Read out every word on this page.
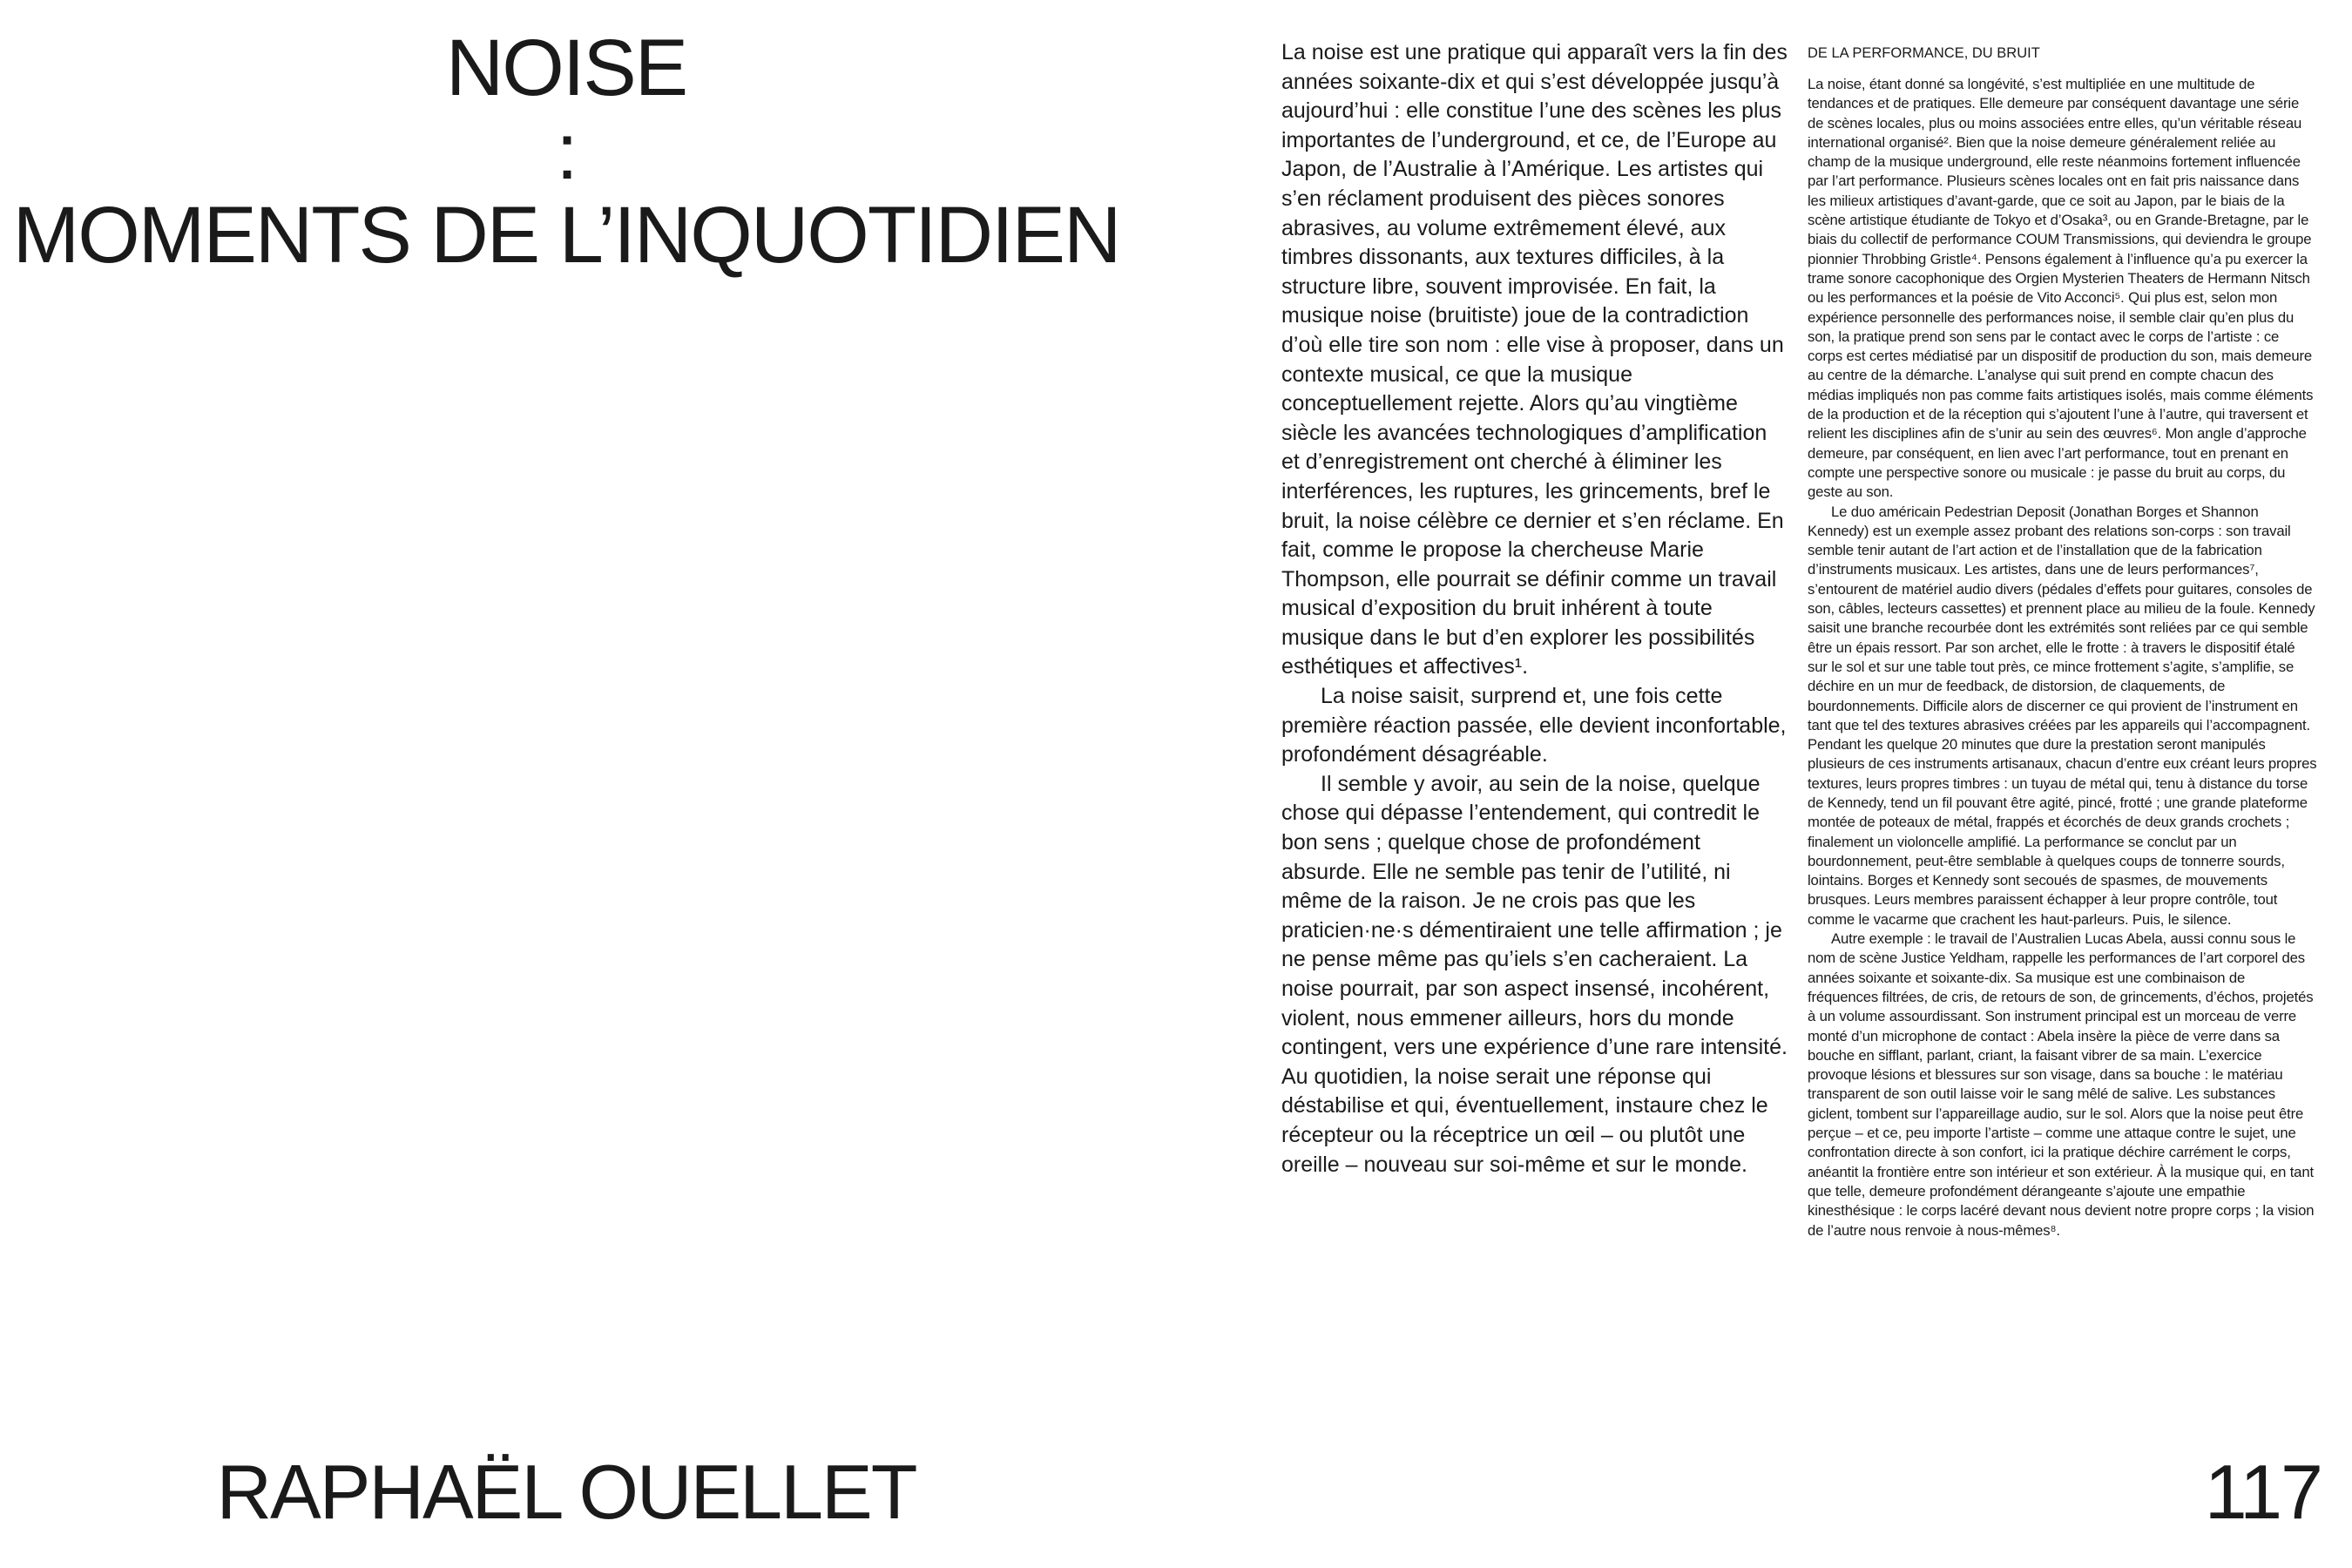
NOISE
:
MOMENTS DE L’INQUOTIDIEN
RAPHAËL OUELLET

La noise est une pratique qui apparaît vers la fin des années soixante-dix et qui s’est développée jusqu’à aujourd’hui : elle constitue l’une des scènes les plus importantes de l’underground, et ce, de l’Europe au Japon, de l’Australie à l’Amérique. Les artistes qui s’en réclament produisent des pièces sonores abrasives, au volume extrêmement élevé, aux timbres dissonants, aux textures difficiles, à la structure libre, souvent improvisée. En fait, la musique noise (bruitiste) joue de la contradiction d’où elle tire son nom : elle vise à proposer, dans un contexte musical, ce que la musique conceptuellement rejette. Alors qu’au vingtième siècle les avancées technologiques d’amplification et d’enregistrement ont cherché à éliminer les interférences, les ruptures, les grincements, bref le bruit, la noise célèbre ce dernier et s’en réclame. En fait, comme le propose la chercheuse Marie Thompson, elle pourrait se définir comme un travail musical d’exposition du bruit inhérent à toute musique dans le but d’en explorer les possibilités esthétiques et affectives¹.

La noise saisit, surprend et, une fois cette première réaction passée, elle devient inconfortable, profondément désagréable.

Il semble y avoir, au sein de la noise, quelque chose qui dépasse l’entendement, qui contredit le bon sens ; quelque chose de profondément absurde. Elle ne semble pas tenir de l’utilité, ni même de la raison. Je ne crois pas que les praticien·ne·s démentiraient une telle affirmation ; je ne pense même pas qu’iels s’en cacheraient. La noise pourrait, par son aspect insensé, incohérent, violent, nous emmener ailleurs, hors du monde contingent, vers une expérience d’une rare intensité. Au quotidien, la noise serait une réponse qui déstabilise et qui, éventuellement, instaure chez le récepteur ou la réceptrice un œil – ou plutôt une oreille – nouveau sur soi-même et sur le monde.

DE LA PERFORMANCE, DU BRUIT

La noise, étant donné sa longévité, s’est multipliée en une multitude de tendances et de pratiques. Elle demeure par conséquent davantage une série de scènes locales, plus ou moins associées entre elles, qu’un véritable réseau international organisé². Bien que la noise demeure généralement reliée au champ de la musique underground, elle reste néanmoins fortement influencée par l’art performance. Plusieurs scènes locales ont en fait pris naissance dans les milieux artistiques d’avant-garde, que ce soit au Japon, par le biais de la scène artistique étudiante de Tokyo et d’Osaka³, ou en Grande-Bretagne, par le biais du collectif de performance COUM Transmissions, qui deviendra le groupe pionnier Throbbing Gristle⁴. Pensons également à l’influence qu’a pu exercer la trame sonore cacophonique des Orgien Mysterien Theaters de Hermann Nitsch ou les performances et la poésie de Vito Acconci⁵. Qui plus est, selon mon expérience personnelle des performances noise, il semble clair qu’en plus du son, la pratique prend son sens par le contact avec le corps de l’artiste : ce corps est certes médiatisé par un dispositif de production du son, mais demeure au centre de la démarche. L’analyse qui suit prend en compte chacun des médias impliqués non pas comme faits artistiques isolés, mais comme éléments de la production et de la réception qui s’ajoutent l’une à l’autre, qui traversent et relient les disciplines afin de s’unir au sein des œuvres⁶. Mon angle d’approche demeure, par conséquent, en lien avec l’art performance, tout en prenant en compte une perspective sonore ou musicale : je passe du bruit au corps, du geste au son.

Le duo américain Pedestrian Deposit (Jonathan Borges et Shannon Kennedy) est un exemple assez probant des relations son-corps : son travail semble tenir autant de l’art action et de l’installation que de la fabrication d’instruments musicaux. Les artistes, dans une de leurs performances⁷, s’entourent de matériel audio divers (pédales d’effets pour guitares, consoles de son, câbles, lecteurs cassettes) et prennent place au milieu de la foule. Kennedy saisit une branche recourbée dont les extrémités sont reliées par ce qui semble être un épais ressort. Par son archet, elle le frotte : à travers le dispositif étalé sur le sol et sur une table tout près, ce mince frottement s’agite, s’amplifie, se déchire en un mur de feedback, de distorsion, de claquements, de bourdonnements. Difficile alors de discerner ce qui provient de l’instrument en tant que tel des textures abrasives créées par les appareils qui l’accompagnent. Pendant les quelque 20 minutes que dure la prestation seront manipulés plusieurs de ces instruments artisanaux, chacun d’entre eux créant leurs propres textures, leurs propres timbres : un tuyau de métal qui, tenu à distance du torse de Kennedy, tend un fil pouvant être agité, pincé, frotté ; une grande plateforme montée de poteaux de métal, frappés et écorchés de deux grands crochets ; finalement un violoncelle amplifié. La performance se conclut par un bourdonnement, peut-être semblable à quelques coups de tonnerre sourds, lointains. Borges et Kennedy sont secoués de spasmes, de mouvements brusques. Leurs membres paraissent échapper à leur propre contrôle, tout comme le vacarme que crachent les haut-parleurs. Puis, le silence.

Autre exemple : le travail de l’Australien Lucas Abela, aussi connu sous le nom de scène Justice Yeldham, rappelle les performances de l’art corporel des années soixante et soixante-dix. Sa musique est une combinaison de fréquences filtrées, de cris, de retours de son, de grincements, d’échos, projetés à un volume assourdissant. Son instrument principal est un morceau de verre monté d’un microphone de contact : Abela insère la pièce de verre dans sa bouche en sifflant, parlant, criant, la faisant vibrer de sa main. L’exercice provoque lésions et blessures sur son visage, dans sa bouche : le matériau transparent de son outil laisse voir le sang mêlé de salive. Les substances giclent, tombent sur l’appareillage audio, sur le sol. Alors que la noise peut être perçue – et ce, peu importe l’artiste – comme une attaque contre le sujet, une confrontation directe à son confort, ici la pratique déchire carrément le corps, anéantit la frontière entre son intérieur et son extérieur. À la musique qui, en tant que telle, demeure profondément dérangeante s’ajoute une empathie kinesthésique : le corps lacéré devant nous devient notre propre corps ; la vision de l’autre nous renvoie à nous-mêmes⁸.

117
